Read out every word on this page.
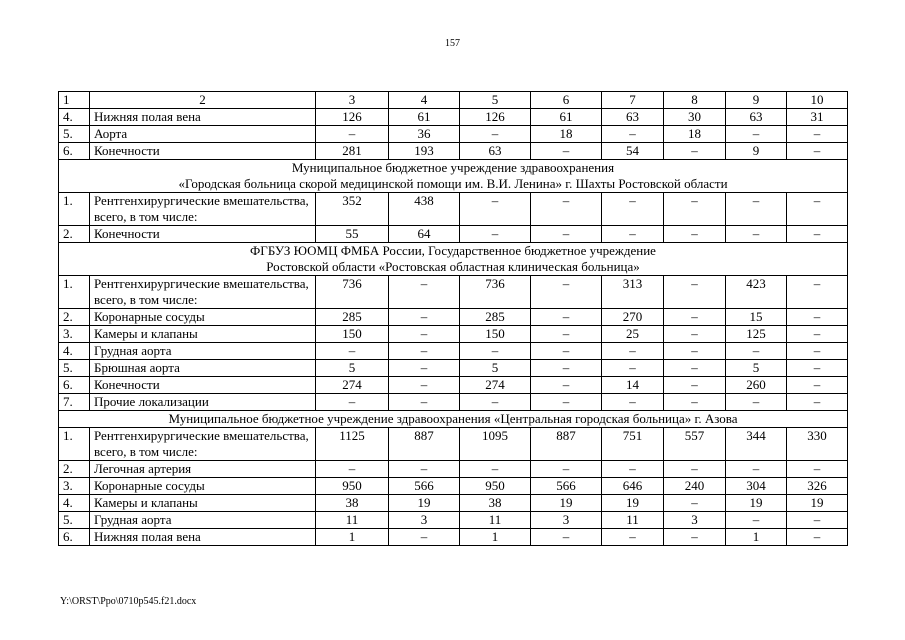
157
1	2	3	4	5	6	7	8	9	10
4.	Нижняя полая вена	126	61	126	61	63	30	63	31
5.	Аорта	–	36	–	18	–	18	–	–
6.	Конечности	281	193	63	–	54	–	9	–

Муниципальное бюджетное учреждение здравоохранения
«Городская больница скорой медицинской помощи им. В.И. Ленина» г. Шахты Ростовской области									

1.	Рентгенхирургические вмешательства, всего, в том числе:	352	438	–	–	–	–	–	–
2.	Конечности	55	64	–	–	–	–	–	–

ФГБУЗ ЮОМЦ ФМБА России, Государственное бюджетное учреждение
Ростовской области «Ростовская областная клиническая больница»									

1.	Рентгенхирургические вмешательства, всего, в том числе:	736	–	736	–	313	–	423	–
2.	Коронарные сосуды	285	–	285	–	270	–	15	–
3.	Камеры и клапаны	150	–	150	–	25	–	125	–
4.	Грудная аорта	–	–	–	–	–	–	–	–
5.	Брюшная аорта	5	–	5	–	–	–	5	–
6.	Конечности	274	–	274	–	14	–	260	–
7.	Прочие локализации	–	–	–	–	–	–	–	–

Муниципальное бюджетное учреждение здравоохранения «Центральная городская больница» г. Азова									

1.	Рентгенхирургические вмешательства, всего, в том числе:	1125	887	1095	887	751	557	344	330
2.	Легочная артерия	–	–	–	–	–	–	–	–
3.	Коронарные сосуды	950	566	950	566	646	240	304	326
4.	Камеры и клапаны	38	19	38	19	19	–	19	19
5.	Грудная аорта	11	3	11	3	11	3	–	–
6.	Нижняя полая вена	1	–	1	–	–	–	1	–
Y:\ORST\Ppo\0710p545.f21.docx
